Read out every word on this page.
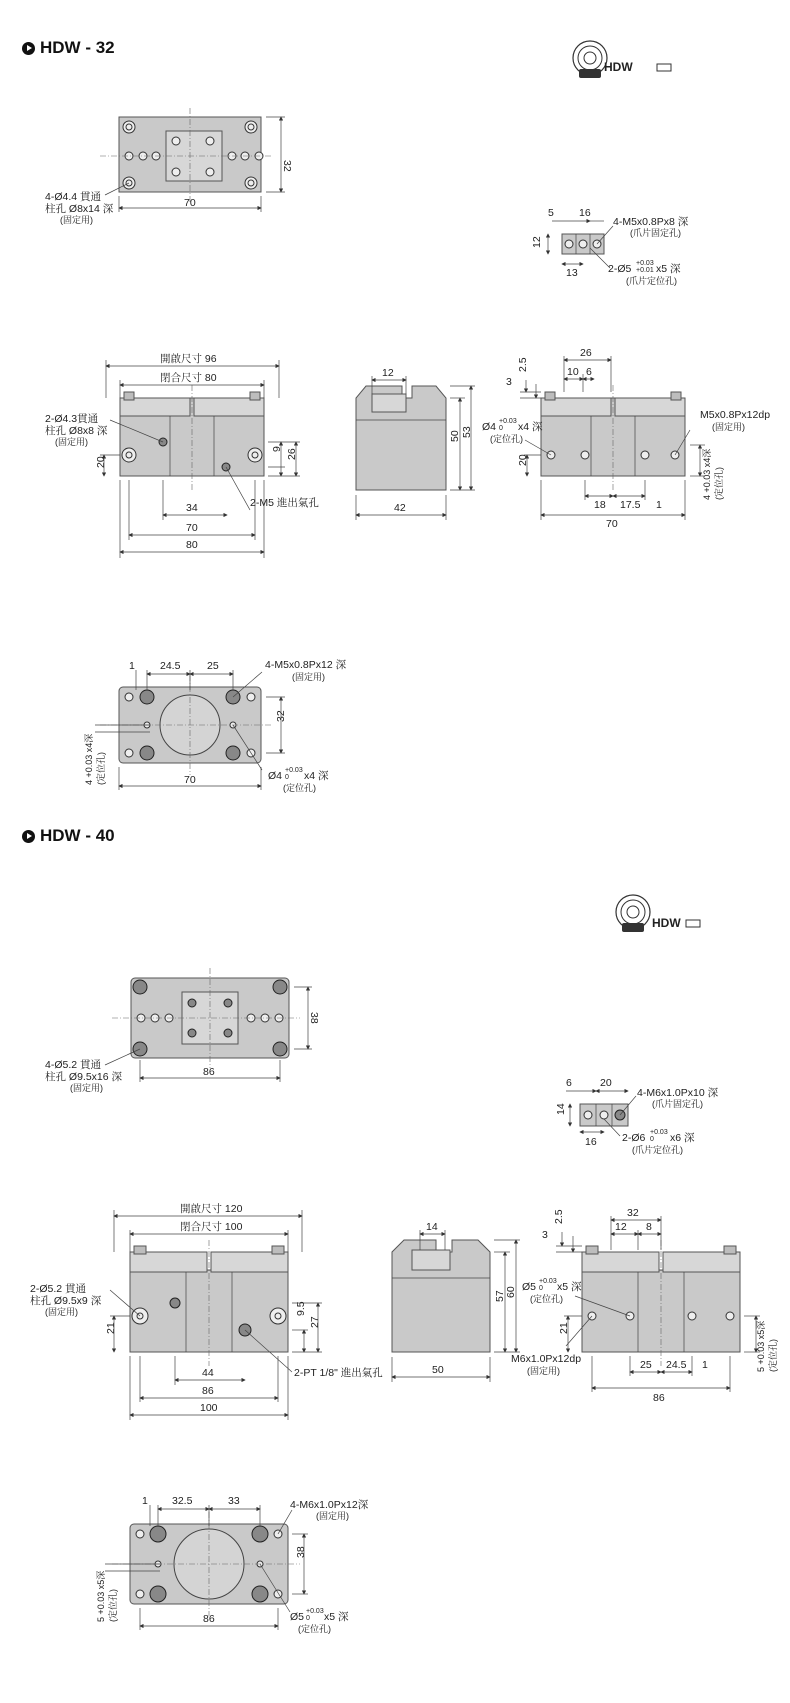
HDW - 32
HDW - 40
HDW
70
32
4-Ø4.4 貫通
柱孔 Ø8x14 深
(固定用)
5 16
12
13
4-M5x0.8Px8 深
(爪片固定孔)
2-Ø5 +0.03
+0.01 x5 深
(爪片定位孔)
開啟尺寸 96
閉合尺寸 80
2-Ø4.3貫通
柱孔 Ø8x8 深
(固定用)
20
9 26
34
70
80
2-M5 進出氣孔
12
42
50 53
26
10 6
3
2.5
Ø4 +0.03
0 x4 深
(定位孔)
M5x0.8Px12dp
(固定用)
20
18 17.5 1
70
4 +0.03 x4深 (定位孔)
1 24.5	25	4-M5x0.8Px12 深
(固定用)
32
70	Ø4 +0.03
0 x4 深
(定位孔)
4 +0.03 x4深 (定位孔)
HDW
86
38
4-Ø5.2 貫通
柱孔 Ø9.5x16 深
(固定用)	6	20
14
16
4-M6x1.0Px10 深
(爪片固定孔)
2-Ø6 +0.03
0 x6 深
(爪片定位孔)
開啟尺寸 120
閉合尺寸 100
2-Ø5.2 貫通
柱孔 Ø9.5x9 深
(固定用)
21
9.5
27
44
86
100
2-PT 1/8" 進出氣孔
14
50
57 60
32
12 8
3
2.5
Ø5 +0.03
0 x5 深
(定位孔)
M6x1.0Px12dp
(固定用)
21
25 24.5 1
86
5 +0.03 x5深 (定位孔)
1 32.5	33	4-M6x1.0Px12深
(固定用)
38
86	Ø5 +0.03
0 x5 深
(定位孔)
5 +0.03 x5深 (定位孔)
